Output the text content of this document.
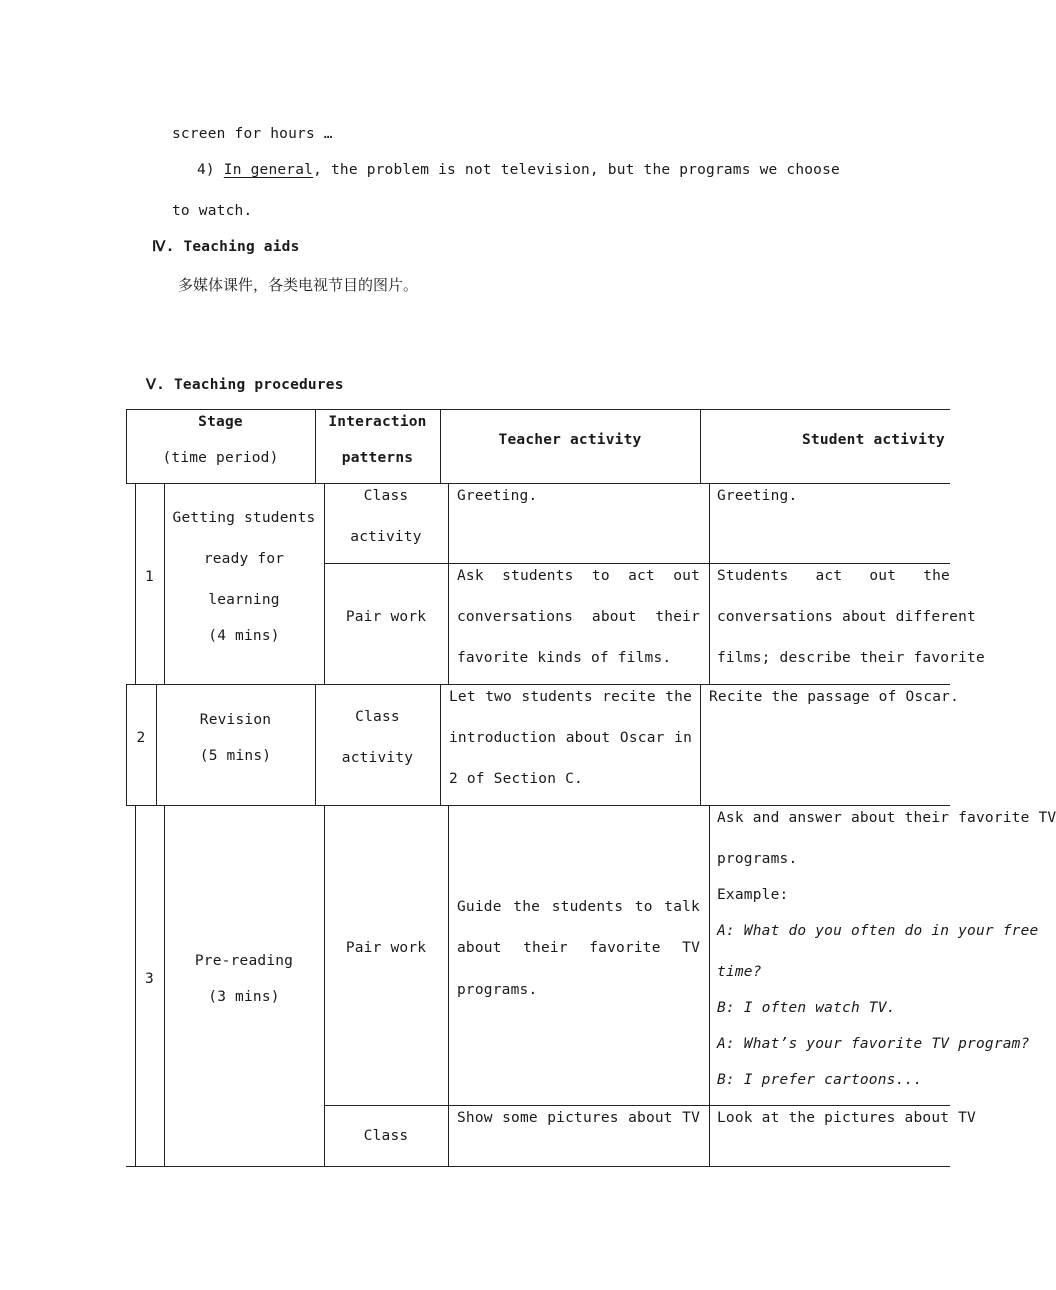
screen for hours …
4) In general, the problem is not television, but the programs we choose
to watch.
Ⅳ. Teaching aids
多媒体课件，各类电视节目的图片。
Ⅴ. Teaching procedures
Stage
(time period)
Interaction
patterns
Teacher activity	Student activity
1
Getting students
ready for
learning
(4 mins)
Class
activity
Greeting.	Greeting.
Pair work
Ask students to act out
conversations about their
favorite kinds of films.
Students act out the
conversations about different
films; describe their favorite
2
Revision
(5 mins)
Class
activity
Let two students recite the
introduction about Oscar in
2 of Section C.
Recite the passage of Oscar.
3
Pre-reading
(3 mins)
Pair work
Guide the students to talk
about their favorite TV
programs.
Ask and answer about their favorite TV
programs.
Example:
A: What do you often do in your free
time?
B: I often watch TV.
A: What’s your favorite TV program?
B: I prefer cartoons...
Class
Show some pictures about TV Look at the pictures about TV
